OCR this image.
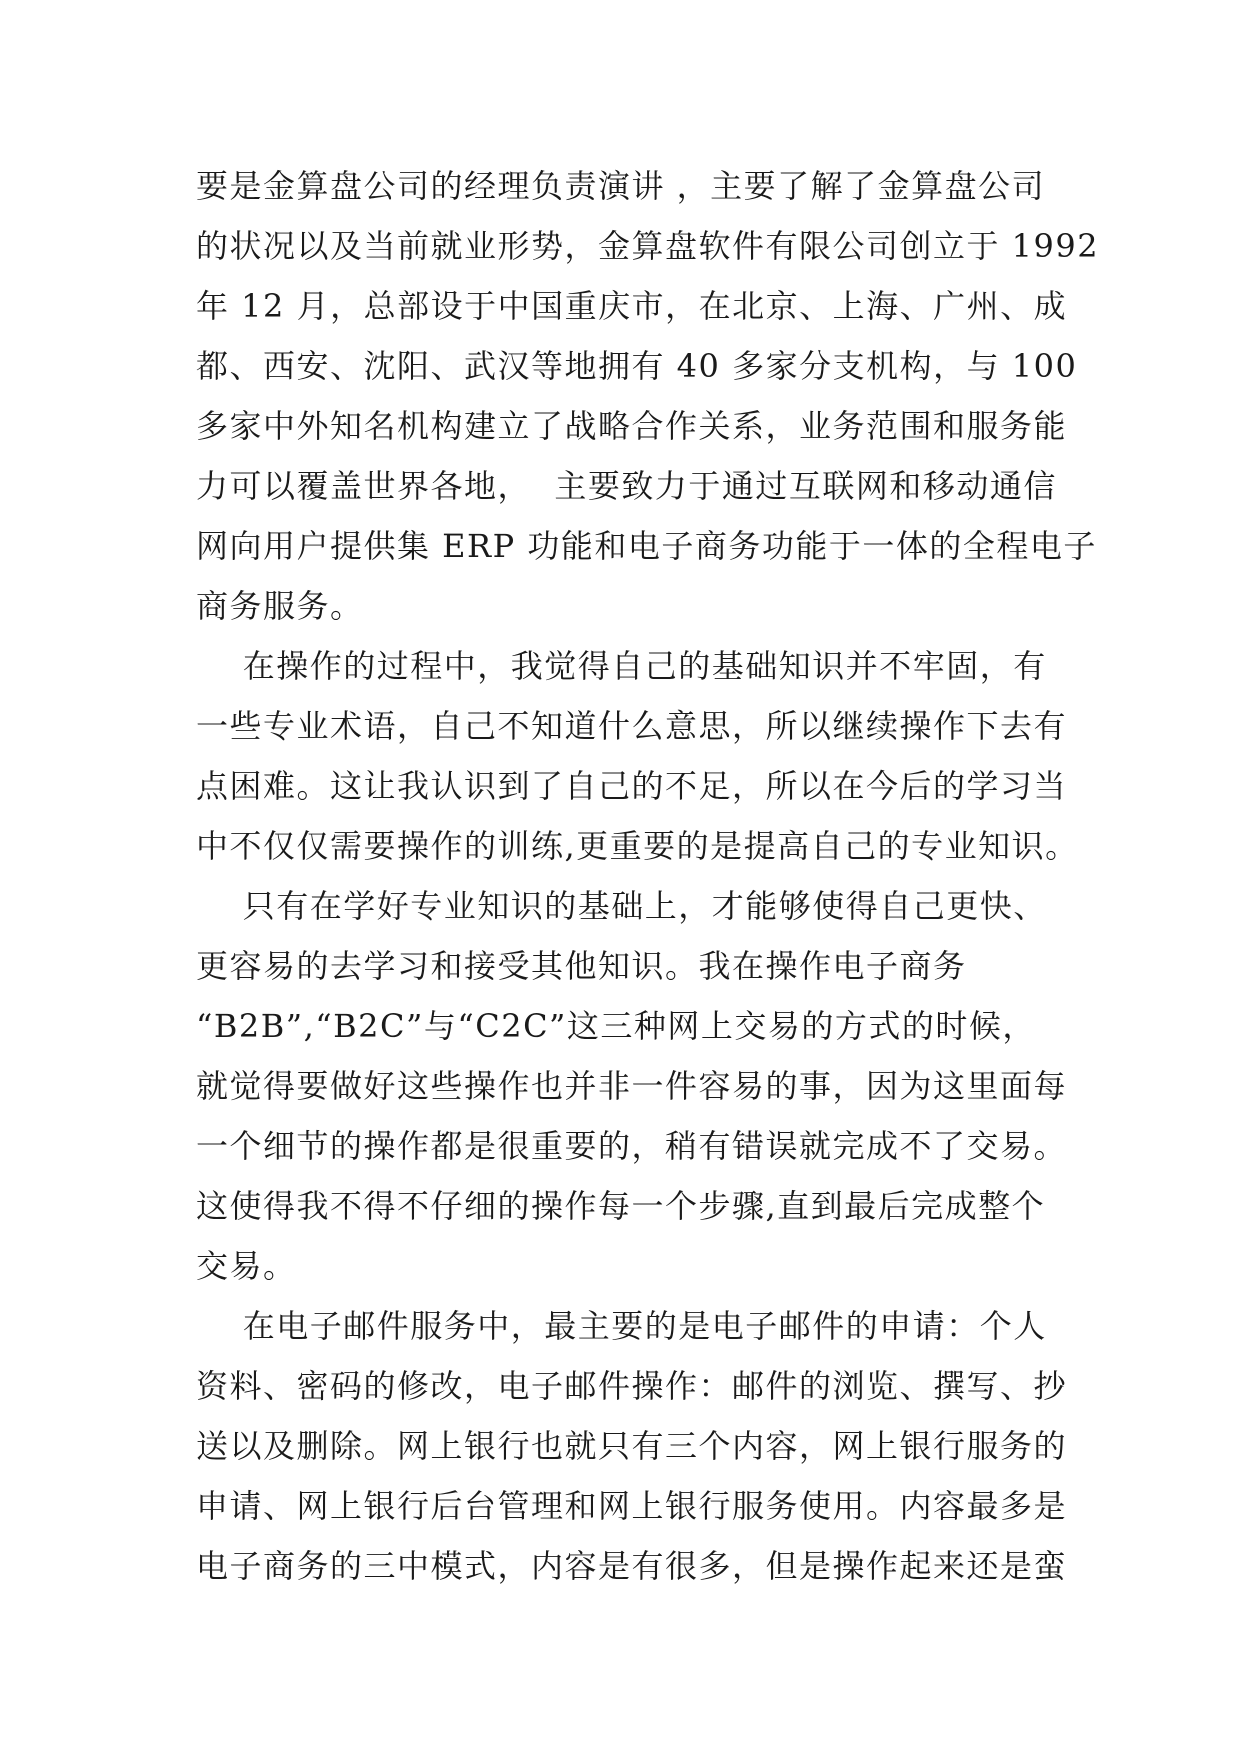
要是金算盘公司的经理负责演讲 ，主要了解了金算盘公司
的状况以及当前就业形势，金算盘软件有限公司创立于 1992
年 12 月，总部设于中国重庆市，在北京、上海、广州、成
都、西安、沈阳、武汉等地拥有 40 多家分支机构，与 100
多家中外知名机构建立了战略合作关系，业务范围和服务能
力可以覆盖世界各地，  主要致力于通过互联网和移动通信
网向用户提供集 ERP 功能和电子商务功能于一体的全程电子
商务服务。
在操作的过程中，我觉得自己的基础知识并不牢固，有
一些专业术语，自己不知道什么意思，所以继续操作下去有
点困难。这让我认识到了自己的不足，所以在今后的学习当
中不仅仅需要操作的训练,更重要的是提高自己的专业知识。
只有在学好专业知识的基础上，才能够使得自己更快、
更容易的去学习和接受其他知识。我在操作电子商务
“B2B”,“B2C”与“C2C”这三种网上交易的方式的时候，
就觉得要做好这些操作也并非一件容易的事，因为这里面每
一个细节的操作都是很重要的，稍有错误就完成不了交易。
这使得我不得不仔细的操作每一个步骤,直到最后完成整个
交易。
在电子邮件服务中，最主要的是电子邮件的申请：个人
资料、密码的修改，电子邮件操作：邮件的浏览、撰写、抄
送以及删除。网上银行也就只有三个内容，网上银行服务的
申请、网上银行后台管理和网上银行服务使用。内容最多是
电子商务的三中模式，内容是有很多，但是操作起来还是蛮
